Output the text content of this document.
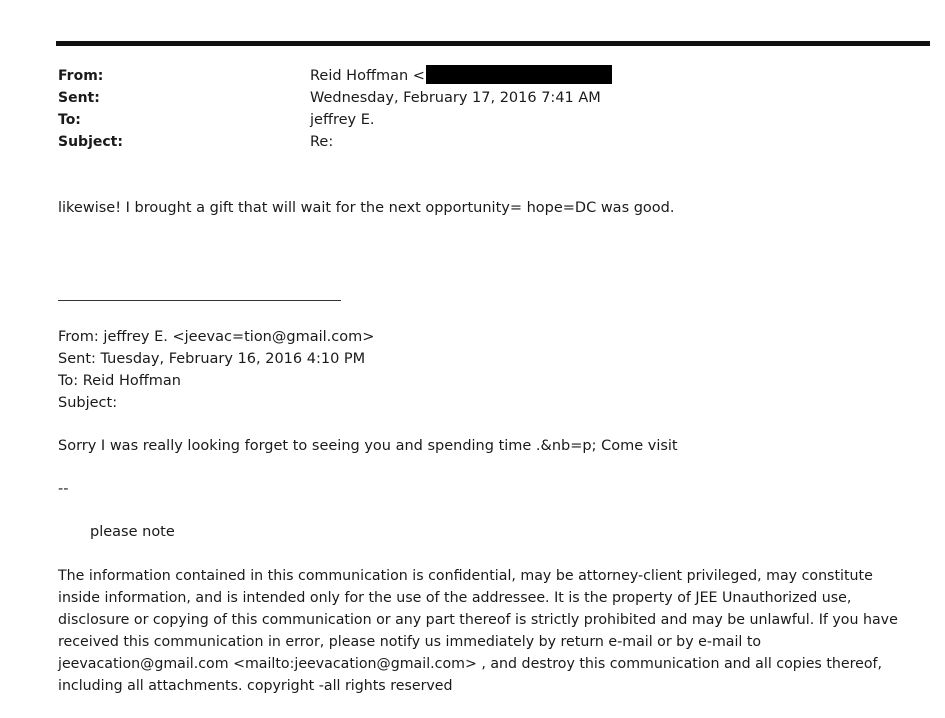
From:
Sent:
To:
Subject:
Reid Hoffman <
Wednesday, February 17, 2016 7:41 AM
jeffrey E.
Re:
likewise! I brought a gift that will wait for the next opportunity= hope=DC was good.
From: jeffrey E. <jeevac=tion@gmail.com>
Sent: Tuesday, February 16, 2016 4:10 PM
To: Reid Hoffman
Subject:
Sorry I was really looking forget to seeing you and spending time .&nb=p; Come visit
--
please note
The information contained in this communication is confidential, may be attorney-client privileged, may constitute
inside information, and is intended only for the use of the addressee. It is the property of JEE Unauthorized use,
disclosure or copying of this communication or any part thereof is strictly prohibited and may be unlawful. If you have
received this communication in error, please notify us immediately by return e-mail or by e-mail to
jeevacation@gmail.com <mailto:jeevacation@gmail.com> , and destroy this communication and all copies thereof,
including all attachments. copyright -all rights reserved
